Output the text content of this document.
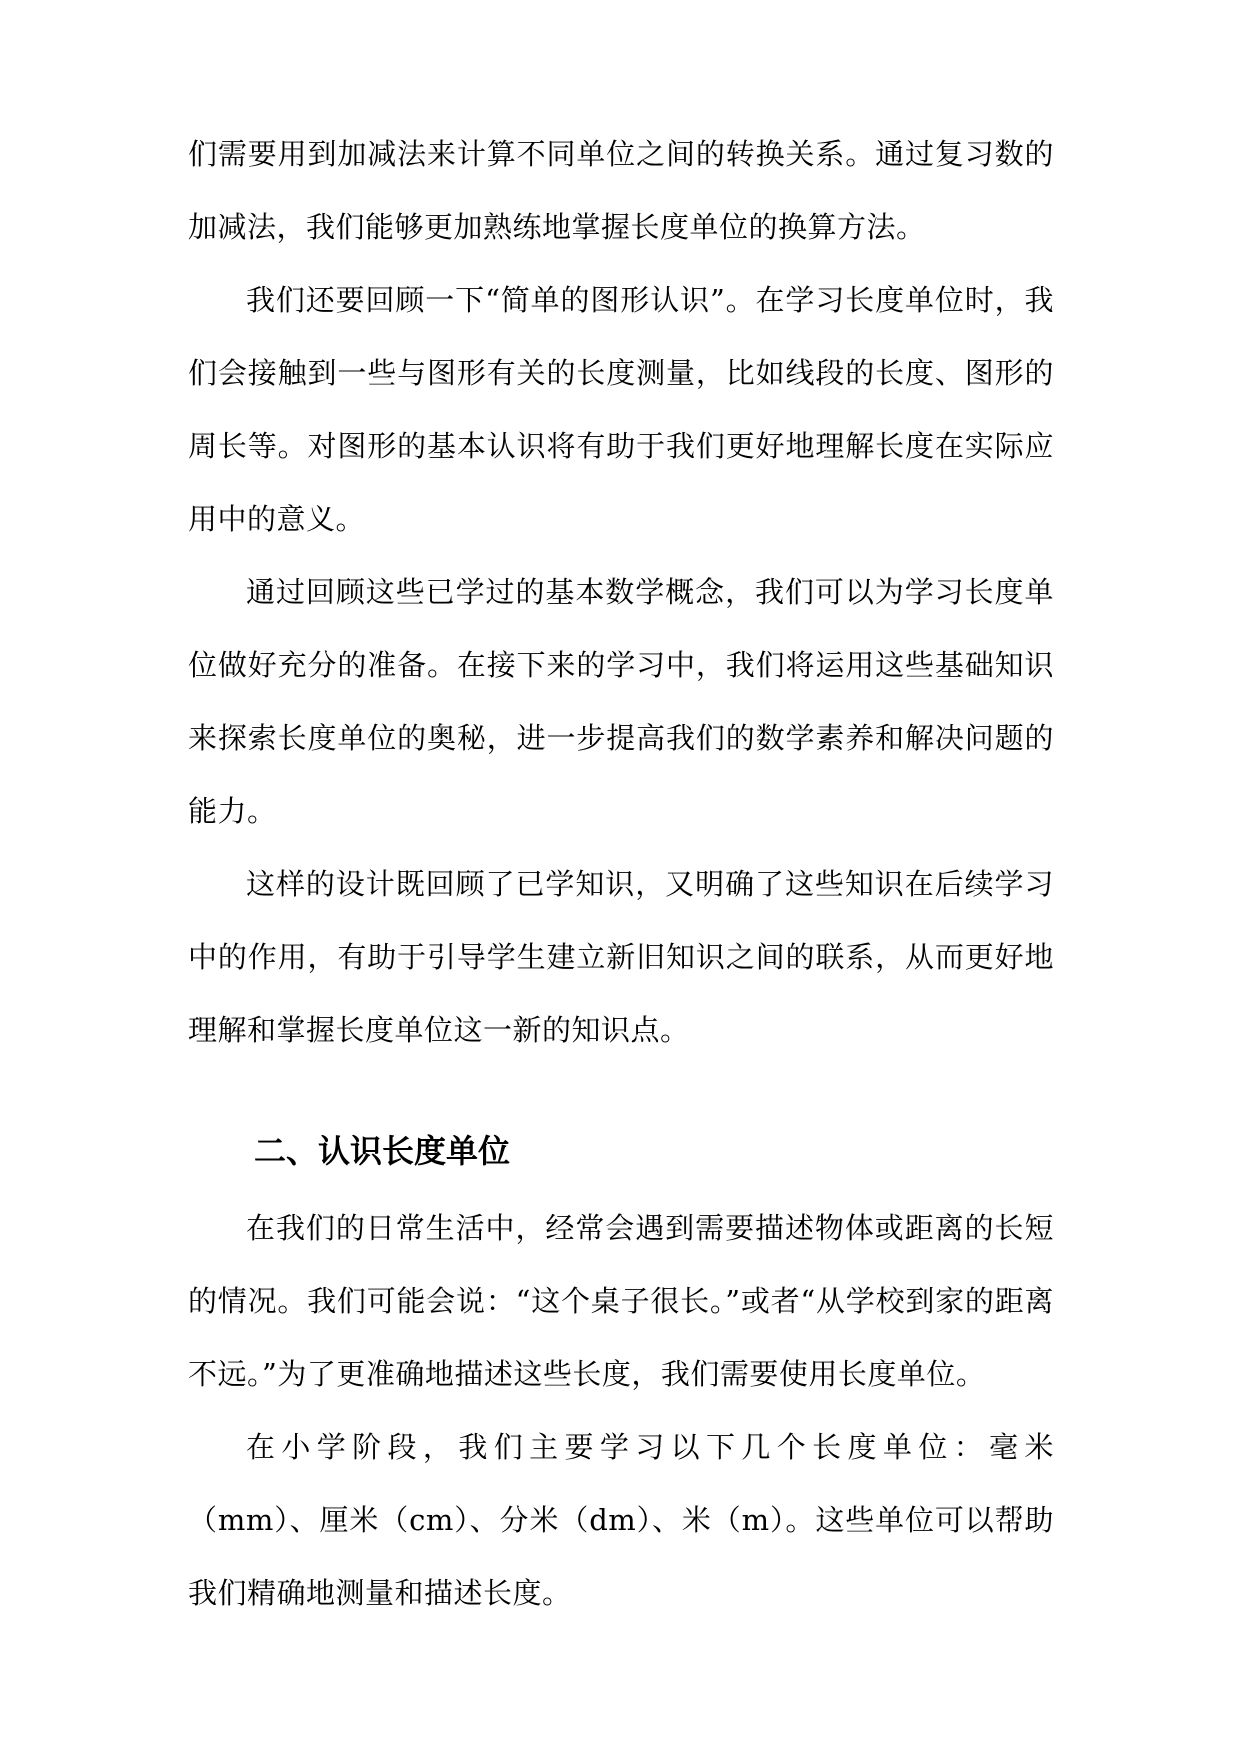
们需要用到加减法来计算不同单位之间的转换关系。通过复习数的加减法，我们能够更加熟练地掌握长度单位的换算方法。

我们还要回顾一下“简单的图形认识”。在学习长度单位时，我们会接触到一些与图形有关的长度测量，比如线段的长度、图形的周长等。对图形的基本认识将有助于我们更好地理解长度在实际应用中的意义。

通过回顾这些已学过的基本数学概念，我们可以为学习长度单位做好充分的准备。在接下来的学习中，我们将运用这些基础知识来探索长度单位的奥秘，进一步提高我们的数学素养和解决问题的能力。

这样的设计既回顾了已学知识，又明确了这些知识在后续学习中的作用，有助于引导学生建立新旧知识之间的联系，从而更好地理解和掌握长度单位这一新的知识点。

二、认识长度单位

在我们的日常生活中，经常会遇到需要描述物体或距离的长短的情况。我们可能会说：“这个桌子很长。”或者“从学校到家的距离不远。”为了更准确地描述这些长度，我们需要使用长度单位。

在小学阶段，我们主要学习以下几个长度单位：毫米（mm）、厘米（cm）、分米（dm）、米（m）。这些单位可以帮助我们精确地测量和描述长度。
